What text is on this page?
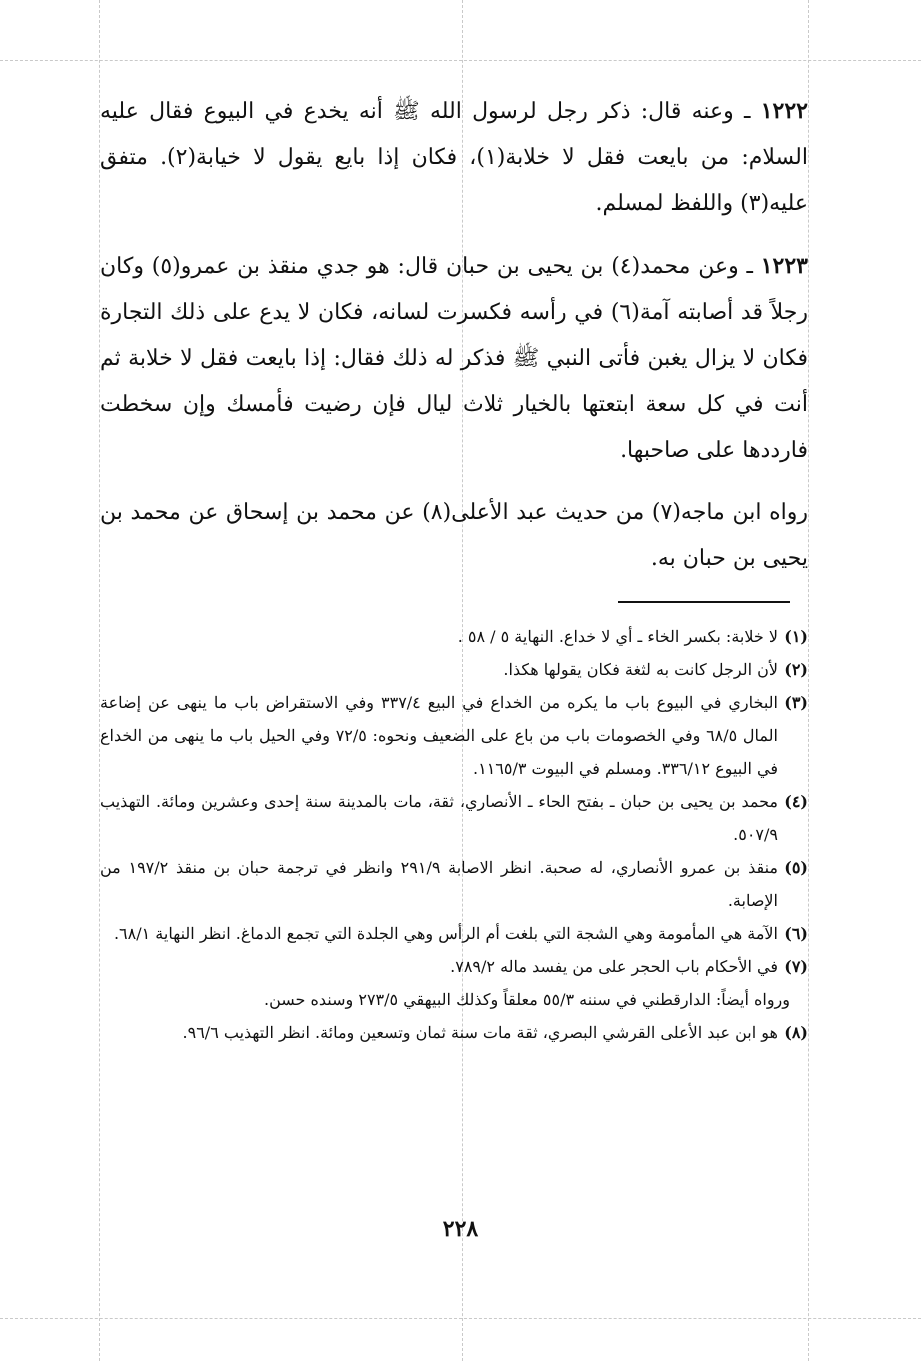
١٢٢٢ ـ وعنه قال: ذكر رجل لرسول الله ﷺ أنه يخدع في البيوع فقال عليه السلام: من بايعت فقل لا خلابة(١)، فكان إذا بايع يقول لا خيابة(٢). متفق عليه(٣) واللفظ لمسلم.

١٢٢٣ ـ وعن محمد(٤) بن يحيى بن حبان قال: هو جدي منقذ بن عمرو(٥) وكان رجلاً قد أصابته آمة(٦) في رأسه فكسرت لسانه، فكان لا يدع على ذلك التجارة فكان لا يزال يغبن فأتى النبي ﷺ فذكر له ذلك فقال: إذا بايعت فقل لا خلابة ثم أنت في كل سعة ابتعتها بالخيار ثلاث ليال فإن رضيت فأمسك وإن سخطت فارددها على صاحبها.

رواه ابن ماجه(٧) من حديث عبد الأعلى(٨) عن محمد بن إسحاق عن محمد بن يحيى بن حبان به.

(١)
لا خلابة: بكسر الخاء ـ أي لا خداع. النهاية ٥ / ٥٨ .

(٢)
لأن الرجل كانت به لثغة فكان يقولها هكذا.

(٣)
البخاري في البيوع باب ما يكره من الخداع في البيع ٣٣٧/٤ وفي الاستقراض باب ما ينهى عن إضاعة المال ٦٨/٥ وفي الخصومات باب من باع على الضعيف ونحوه: ٧٢/٥ وفي الحيل باب ما ينهى من الخداع في البيوع ٣٣٦/١٢. ومسلم في البيوت ١١٦٥/٣.

(٤)
محمد بن يحيى بن حبان ـ بفتح الحاء ـ الأنصاري، ثقة، مات بالمدينة سنة إحدى وعشرين ومائة. التهذيب ٥٠٧/٩.

(٥)
منقذ بن عمرو الأنصاري، له صحبة. انظر الاصابة ٢٩١/٩ وانظر في ترجمة حبان بن منقذ ١٩٧/٢ من الإصابة.

(٦)
الآمة هي المأمومة وهي الشجة التي بلغت أم الرأس وهي الجلدة التي تجمع الدماغ. انظر النهاية ٦٨/١.

(٧)
في الأحكام باب الحجر على من يفسد ماله ٧٨٩/٢.

ورواه أيضاً: الدارقطني في سننه ٥٥/٣ معلقاً وكذلك البيهقي ٢٧٣/٥ وسنده حسن.

(٨)
هو ابن عبد الأعلى القرشي البصري، ثقة مات سنة ثمان وتسعين ومائة. انظر التهذيب ٩٦/٦.

٢٢٨
